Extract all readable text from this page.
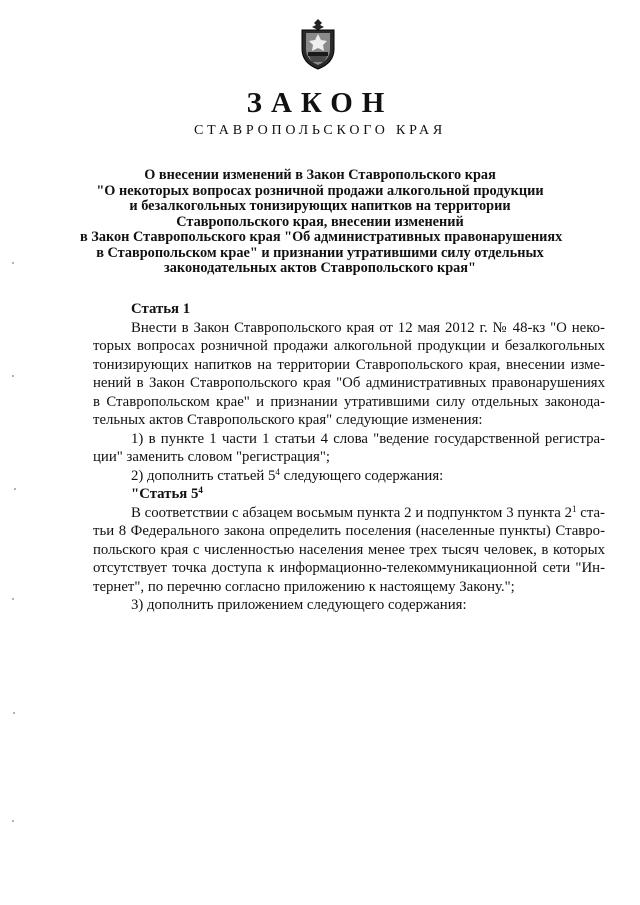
ЗАКОН
СТАВРОПОЛЬСКОГО КРАЯ
О внесении изменений в Закон Ставропольского края
"О некоторых вопросах розничной продажи алкогольной продукции
и безалкогольных тонизирующих напитков на территории
Ставропольского края, внесении изменений
в Закон Ставропольского края "Об административных правонарушениях
в Ставропольском крае" и признании утратившими силу отдельных
законодательных актов Ставропольского края"
Статья 1
Внести в Закон Ставропольского края от 12 мая 2012 г. № 48-кз "О неко-
торых вопросах розничной продажи алкогольной продукции и безалкогольных
тонизирующих напитков на территории Ставропольского края, внесении изме-
нений в Закон Ставропольского края "Об административных правонарушениях
в Ставропольском крае" и признании утратившими силу отдельных законода-
тельных актов Ставропольского края" следующие изменения:
1) в пункте 1 части 1 статьи 4 слова "ведение государственной регистра-
ции" заменить словом "регистрация";
2) дополнить статьей $5^4$ следующего содержания:
"Статья $5^4$
В соответствии с абзацем восьмым пункта 2 и подпунктом 3 пункта $2^1$ ста-
тьи 8 Федерального закона определить поселения (населенные пункты) Ставро-
польского края с численностью населения менее трех тысяч человек, в которых
отсутствует точка доступа к информационно-телекоммуникационной сети "Ин-
тернет", по перечню согласно приложению к настоящему Закону.";
3) дополнить приложением следующего содержания:
